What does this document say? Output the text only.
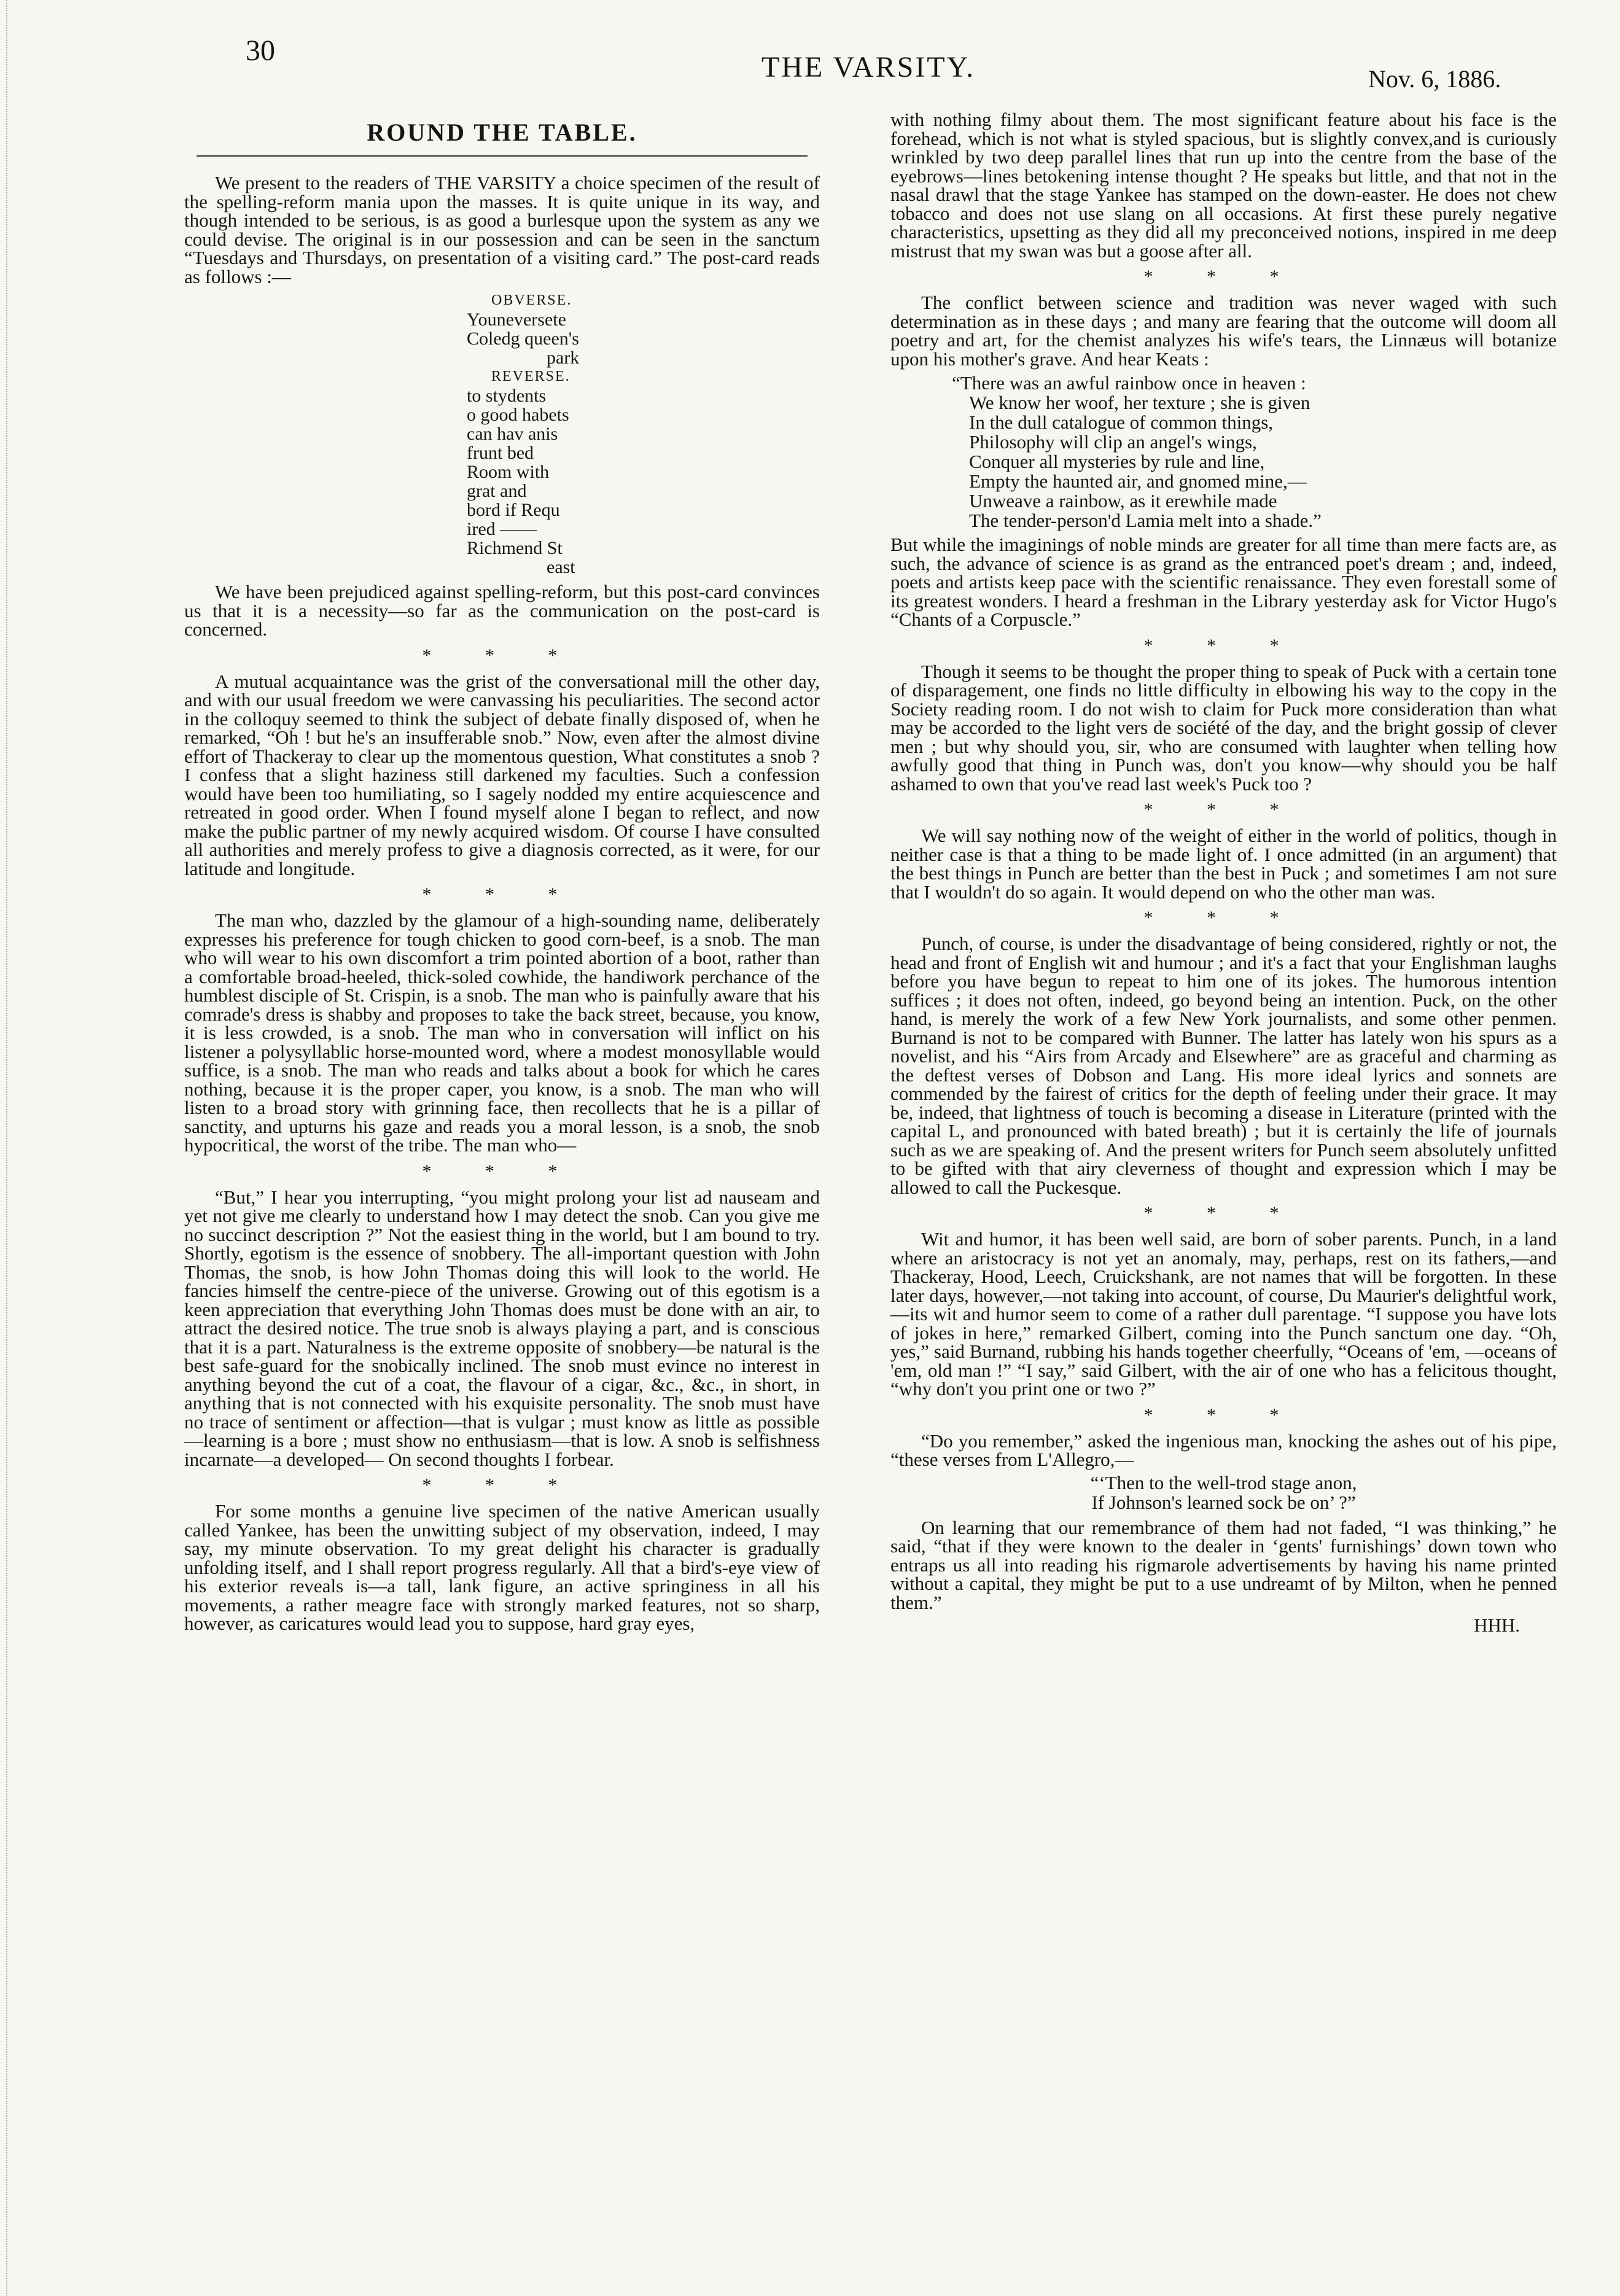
30
THE VARSITY.	Nov. 6, 1886.
ROUND THE TABLE.

We present to the readers of THE VARSITY a choice specimen of the result of the spelling-reform mania upon the masses. It is quite unique in its way, and though intended to be serious, is as good a burlesque upon the system as any we could devise. The original is in our possession and can be seen in the sanctum “Tuesdays and Thursdays, on presentation of a visiting card.” The post-card reads as follows :—

OBVERSE.
Youneversete
Coledg queen's
park
REVERSE.
to stydents
o good habets
can hav anis
frunt bed
Room with
grat and
bord if Requ
ired ——
Richmend St
east

We have been prejudiced against spelling-reform, but this post-card convinces us that it is a necessity—so far as the communication on the post-card is concerned.

* * *

A mutual acquaintance was the grist of the conversational mill the other day, and with our usual freedom we were canvassing his peculiarities. The second actor in the colloquy seemed to think the subject of debate finally disposed of, when he remarked, “Oh ! but he's an insufferable snob.” Now, even after the almost divine effort of Thackeray to clear up the momentous question, What constitutes a snob ? I confess that a slight haziness still darkened my faculties. Such a confession would have been too humiliating, so I sagely nodded my entire acquiescence and retreated in good order. When I found myself alone I began to reflect, and now make the public partner of my newly acquired wisdom. Of course I have consulted all authorities and merely profess to give a diagnosis corrected, as it were, for our latitude and longitude.

* * *

The man who, dazzled by the glamour of a high-sounding name, deliberately expresses his preference for tough chicken to good corn-beef, is a snob. The man who will wear to his own discomfort a trim pointed abortion of a boot, rather than a comfortable broad-heeled, thick-soled cowhide, the handiwork perchance of the humblest disciple of St. Crispin, is a snob. The man who is painfully aware that his comrade's dress is shabby and proposes to take the back street, because, you know, it is less crowded, is a snob. The man who in conversation will inflict on his listener a polysyllablic horse-mounted word, where a modest monosyllable would suffice, is a snob. The man who reads and talks about a book for which he cares nothing, because it is the proper caper, you know, is a snob. The man who will listen to a broad story with grinning face, then recollects that he is a pillar of sanctity, and upturns his gaze and reads you a moral lesson, is a snob, the snob hypocritical, the worst of the tribe. The man who—

* * *

“But,” I hear you interrupting, “you might prolong your list ad nauseam and yet not give me clearly to understand how I may detect the snob. Can you give me no succinct description ?” Not the easiest thing in the world, but I am bound to try. Shortly, egotism is the essence of snobbery. The all-important question with John Thomas, the snob, is how John Thomas doing this will look to the world. He fancies himself the centre-piece of the universe. Growing out of this egotism is a keen appreciation that everything John Thomas does must be done with an air, to attract the desired notice. The true snob is always playing a part, and is conscious that it is a part. Naturalness is the extreme opposite of snobbery—be natural is the best safe-guard for the snobically inclined. The snob must evince no interest in anything beyond the cut of a coat, the flavour of a cigar, &c., &c., in short, in anything that is not connected with his exquisite personality. The snob must have no trace of sentiment or affection—that is vulgar ; must know as little as possible—learning is a bore ; must show no enthusiasm—that is low. A snob is selfishness incarnate—a developed— On second thoughts I forbear.

* * *

For some months a genuine live specimen of the native American usually called Yankee, has been the unwitting subject of my observation, indeed, I may say, my minute observation. To my great delight his character is gradually unfolding itself, and I shall report progress regularly. All that a bird's-eye view of his exterior reveals is—a tall, lank figure, an active springiness in all his movements, a rather meagre face with strongly marked features, not so sharp, however, as caricatures would lead you to suppose, hard gray eyes,

with nothing filmy about them. The most significant feature about his face is the forehead, which is not what is styled spacious, but is slightly convex,and is curiously wrinkled by two deep parallel lines that run up into the centre from the base of the eyebrows—lines betokening intense thought ? He speaks but little, and that not in the nasal drawl that the stage Yankee has stamped on the down-easter. He does not chew tobacco and does not use slang on all occasions. At first these purely negative characteristics, upsetting as they did all my preconceived notions, inspired in me deep mistrust that my swan was but a goose after all.

* * *

The conflict between science and tradition was never waged with such determination as in these days ; and many are fearing that the outcome will doom all poetry and art, for the chemist analyzes his wife's tears, the Linnæus will botanize upon his mother's grave. And hear Keats :

“There was an awful rainbow once in heaven :
We know her woof, her texture ; she is given
In the dull catalogue of common things,
Philosophy will clip an angel's wings,
Conquer all mysteries by rule and line,
Empty the haunted air, and gnomed mine,—
Unweave a rainbow, as it erewhile made
The tender-person'd Lamia melt into a shade.”

But while the imaginings of noble minds are greater for all time than mere facts are, as such, the advance of science is as grand as the entranced poet's dream ; and, indeed, poets and artists keep pace with the scientific renaissance. They even forestall some of its greatest wonders. I heard a freshman in the Library yesterday ask for Victor Hugo's “Chants of a Corpuscle.”

* * *

Though it seems to be thought the proper thing to speak of Puck with a certain tone of disparagement, one finds no little difficulty in elbowing his way to the copy in the Society reading room. I do not wish to claim for Puck more consideration than what may be accorded to the light vers de société of the day, and the bright gossip of clever men ; but why should you, sir, who are consumed with laughter when telling how awfully good that thing in Punch was, don't you know—why should you be half ashamed to own that you've read last week's Puck too ?

* * *

We will say nothing now of the weight of either in the world of politics, though in neither case is that a thing to be made light of. I once admitted (in an argument) that the best things in Punch are better than the best in Puck ; and sometimes I am not sure that I wouldn't do so again. It would depend on who the other man was.

* * *

Punch, of course, is under the disadvantage of being considered, rightly or not, the head and front of English wit and humour ; and it's a fact that your Englishman laughs before you have begun to repeat to him one of its jokes. The humorous intention suffices ; it does not often, indeed, go beyond being an intention. Puck, on the other hand, is merely the work of a few New York journalists, and some other penmen. Burnand is not to be compared with Bunner. The latter has lately won his spurs as a novelist, and his “Airs from Arcady and Elsewhere” are as graceful and charming as the deftest verses of Dobson and Lang. His more ideal lyrics and sonnets are commended by the fairest of critics for the depth of feeling under their grace. It may be, indeed, that lightness of touch is becoming a disease in Literature (printed with the capital L, and pronounced with bated breath) ; but it is certainly the life of journals such as we are speaking of. And the present writers for Punch seem absolutely unfitted to be gifted with that airy cleverness of thought and expression which I may be allowed to call the Puckesque.

* * *

Wit and humor, it has been well said, are born of sober parents. Punch, in a land where an aristocracy is not yet an anomaly, may, perhaps, rest on its fathers,—and Thackeray, Hood, Leech, Cruickshank, are not names that will be forgotten. In these later days, however,—not taking into account, of course, Du Maurier's delightful work,—its wit and humor seem to come of a rather dull parentage. “I suppose you have lots of jokes in here,” remarked Gilbert, coming into the Punch sanctum one day. “Oh, yes,” said Burnand, rubbing his hands together cheerfully, “Oceans of 'em, —oceans of 'em, old man !” “I say,” said Gilbert, with the air of one who has a felicitous thought, “why don't you print one or two ?”

* * *

“Do you remember,” asked the ingenious man, knocking the ashes out of his pipe, “these verses from L'Allegro,—

“‘Then to the well-trod stage anon,
If Johnson's learned sock be on’ ?”

On learning that our remembrance of them had not faded, “I was thinking,” he said, “that if they were known to the dealer in ‘gents' furnishings’ down town who entraps us all into reading his rigmarole advertisements by having his name printed without a capital, they might be put to a use undreamt of by Milton, when he penned them.”

HHH.
